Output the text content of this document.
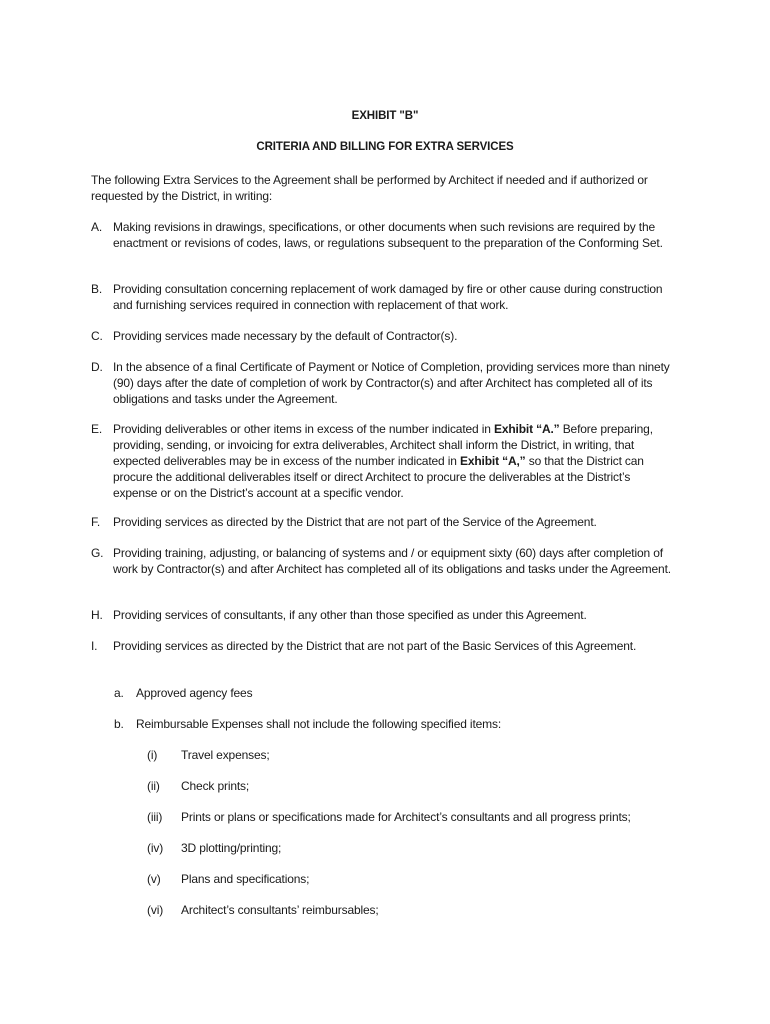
EXHIBIT "B"
CRITERIA AND BILLING FOR EXTRA SERVICES
The following Extra Services to the Agreement shall be performed by Architect if needed and if authorized or requested by the District, in writing:
A. Making revisions in drawings, specifications, or other documents when such revisions are required by the enactment or revisions of codes, laws, or regulations subsequent to the preparation of the Conforming Set.
B. Providing consultation concerning replacement of work damaged by fire or other cause during construction and furnishing services required in connection with replacement of that work.
C. Providing services made necessary by the default of Contractor(s).
D. In the absence of a final Certificate of Payment or Notice of Completion, providing services more than ninety (90) days after the date of completion of work by Contractor(s) and after Architect has completed all of its obligations and tasks under the Agreement.
E. Providing deliverables or other items in excess of the number indicated in Exhibit “A.” Before preparing, providing, sending, or invoicing for extra deliverables, Architect shall inform the District, in writing, that expected deliverables may be in excess of the number indicated in Exhibit “A,” so that the District can procure the additional deliverables itself or direct Architect to procure the deliverables at the District’s expense or on the District’s account at a specific vendor.
F. Providing services as directed by the District that are not part of the Service of the Agreement.
G. Providing training, adjusting, or balancing of systems and / or equipment sixty (60) days after completion of work by Contractor(s) and after Architect has completed all of its obligations and tasks under the Agreement.
H. Providing services of consultants, if any other than those specified as under this Agreement.
I. Providing services as directed by the District that are not part of the Basic Services of this Agreement.
a. Approved agency fees
b. Reimbursable Expenses shall not include the following specified items:
(i) Travel expenses;
(ii) Check prints;
(iii) Prints or plans or specifications made for Architect’s consultants and all progress prints;
(iv) 3D plotting/printing;
(v) Plans and specifications;
(vi) Architect’s consultants’ reimbursables;
